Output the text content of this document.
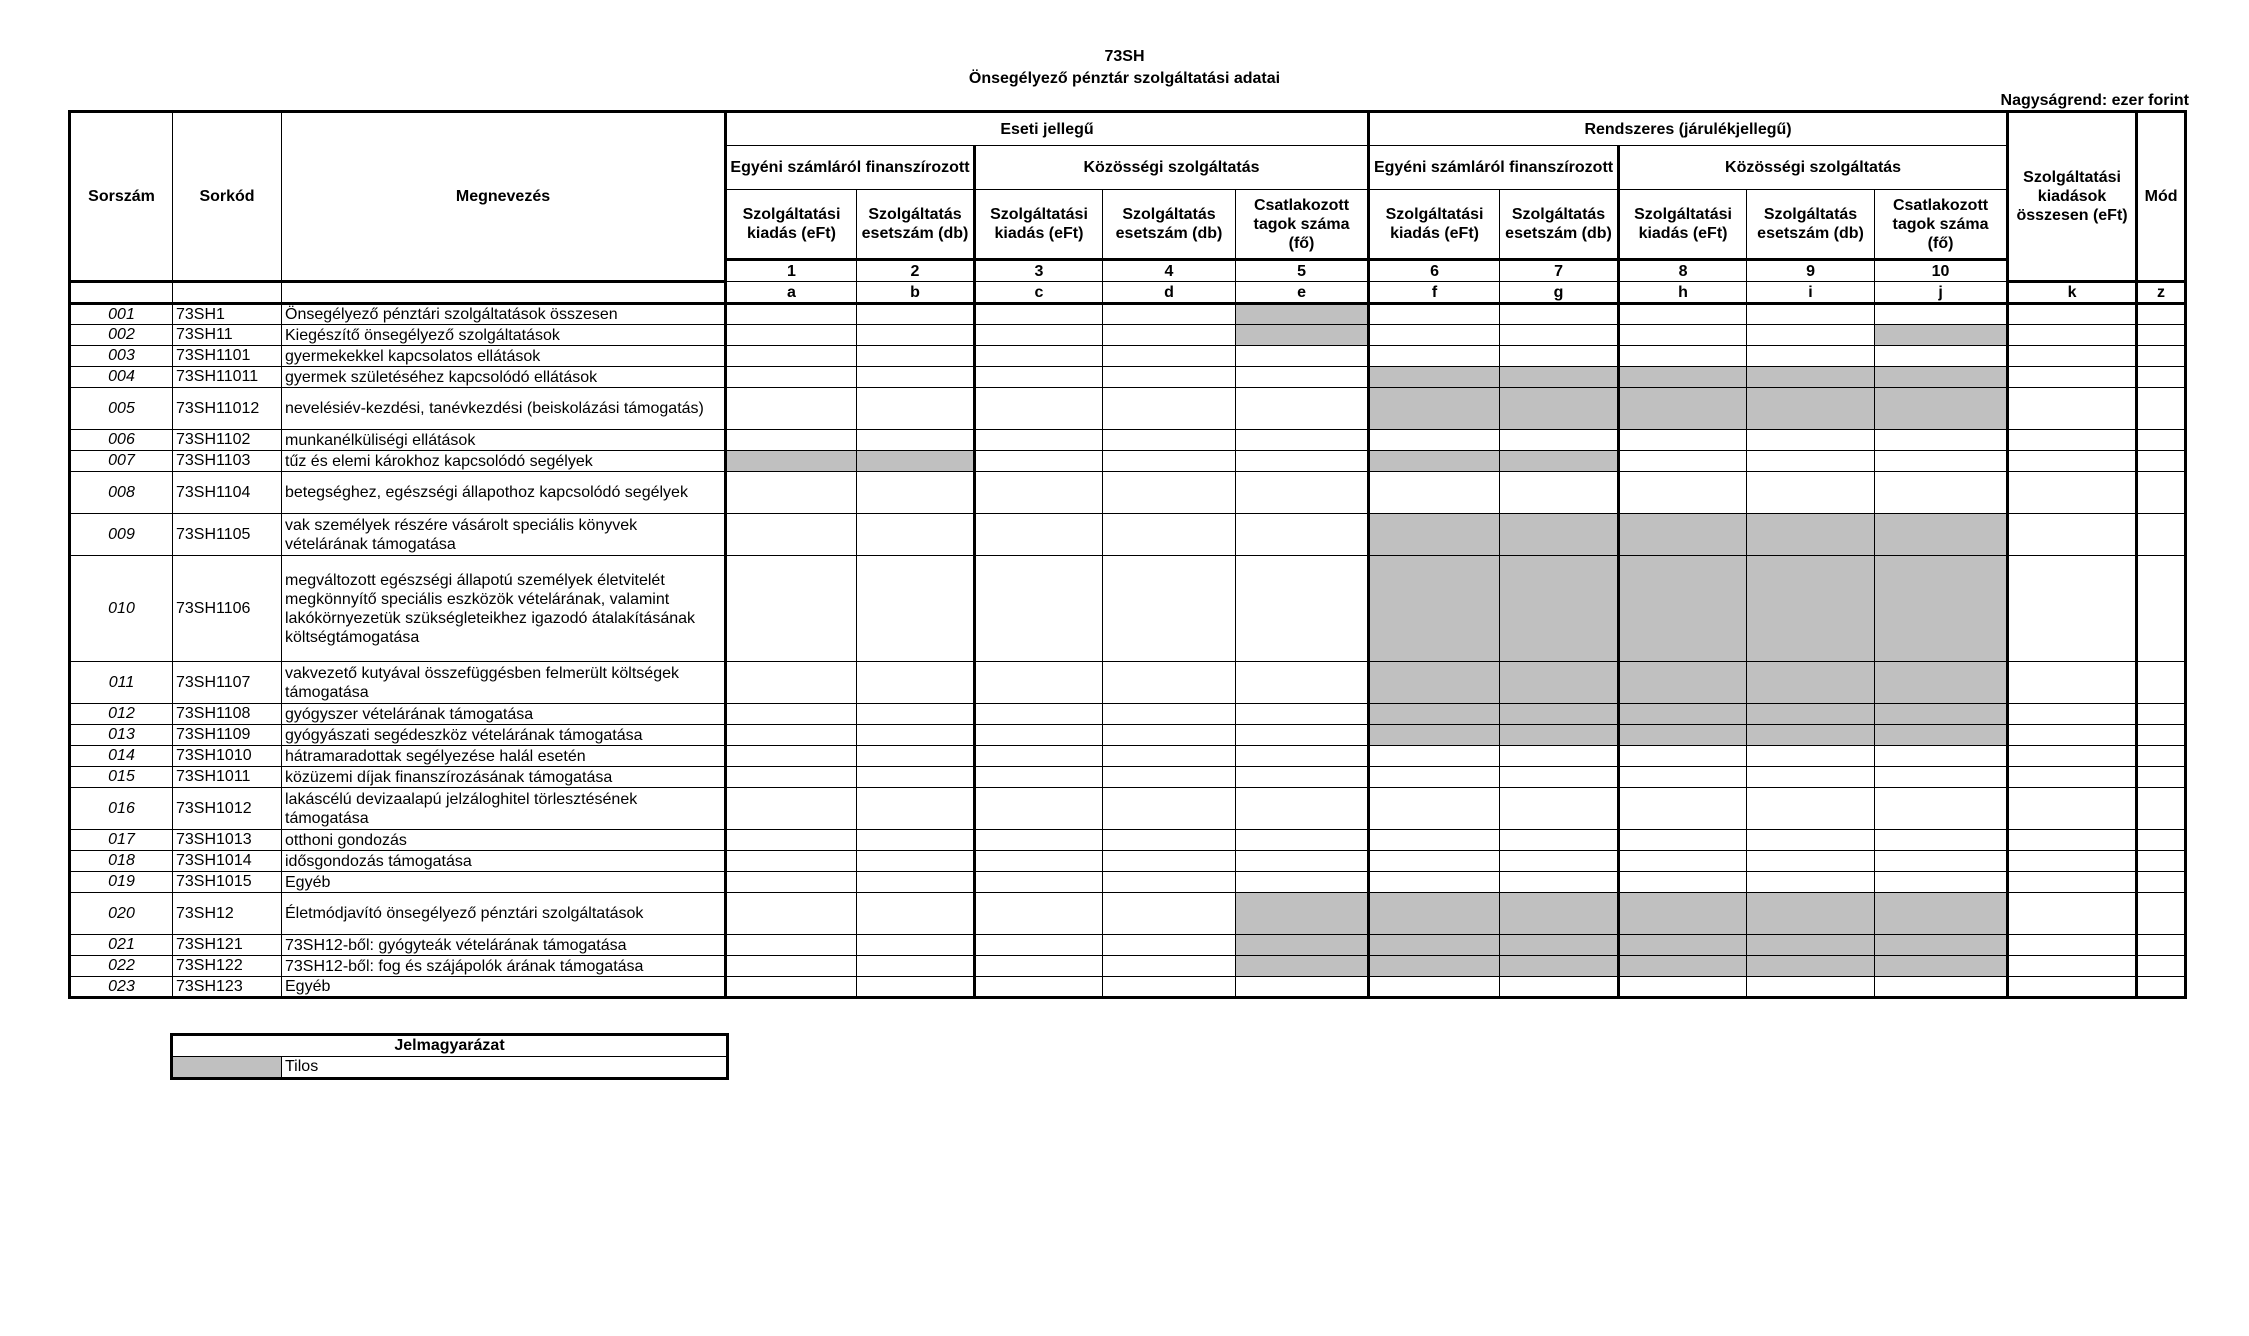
73SH
Önsegélyező pénztár szolgáltatási adatai
Nagyságrend: ezer forint
Sorszám	Sorkód	Megnevezés	Eseti jellegű					Rendszeres (járulékjellegű)					Szolgáltatási kiadások összesen (eFt)	Mód	
			Egyéni számláról finanszírozott		Közösségi szolgáltatás			Egyéni számláról finanszírozott		Közösségi szolgáltatás					
			Szolgáltatási kiadás (eFt)	Szolgáltatás esetszám (db)	Szolgáltatási kiadás (eFt)	Szolgáltatás esetszám (db)	Csatlakozott tagok száma (fő)	Szolgáltatási kiadás (eFt)	Szolgáltatás esetszám (db)	Szolgáltatási kiadás (eFt)	Szolgáltatás esetszám (db)	Csatlakozott tagok száma (fő)			
			1	2	3	4	5	6	7	8	9	10		
			a	b	c	d	e	f	g	h	i	j	k	z	
001	73SH1	Önsegélyező pénztári szolgáltatások összesen													
002	73SH11	Kiegészítő önsegélyező szolgáltatások													
003	73SH1101	gyermekekkel kapcsolatos ellátások													
004	73SH11011	gyermek születéséhez kapcsolódó ellátások													
005	73SH11012	nevelésiév-kezdési, tanévkezdési (beiskolázási támogatás)													
006	73SH1102	munkanélküliségi ellátások													
007	73SH1103	tűz és elemi károkhoz kapcsolódó segélyek													
008	73SH1104	betegséghez, egészségi állapothoz kapcsolódó segélyek													
009	73SH1105	vak személyek részére vásárolt speciális könyvek vételárának támogatása													
010	73SH1106	megváltozott egészségi állapotú személyek életvitelét megkönnyítő speciális eszközök vételárának, valamint lakókörnyezetük szükségleteikhez igazodó átalakításának költségtámogatása													
011	73SH1107	vakvezető kutyával összefüggésben felmerült költségek támogatása													
012	73SH1108	gyógyszer vételárának támogatása													
013	73SH1109	gyógyászati segédeszköz vételárának támogatása													
014	73SH1010	hátramaradottak segélyezése halál esetén													
015	73SH1011	közüzemi díjak finanszírozásának támogatása													
016	73SH1012	lakáscélú devizaalapú jelzáloghitel törlesztésének támogatása													
017	73SH1013	otthoni gondozás													
018	73SH1014	idősgondozás támogatása													
019	73SH1015	Egyéb													
020	73SH12	Életmódjavító önsegélyező pénztári szolgáltatások													
021	73SH121	73SH12-ből: gyógyteák vételárának támogatása													
022	73SH122	73SH12-ből: fog és szájápolók árának támogatása													
023	73SH123	Egyéb													
Jelmagyarázat
	Tilos
